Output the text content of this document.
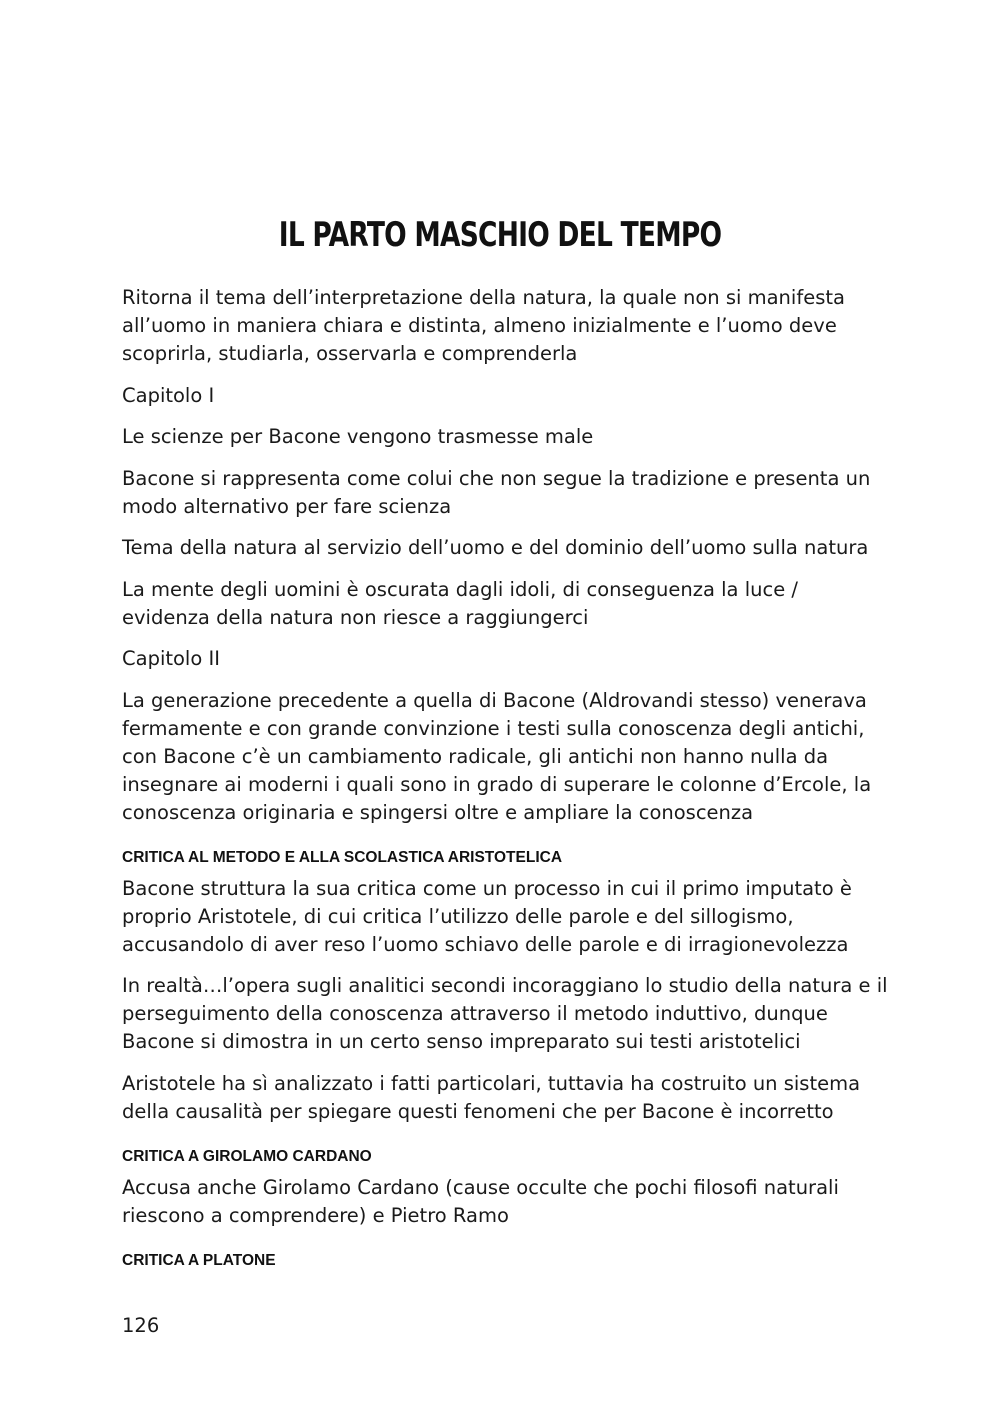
IL PARTO MASCHIO DEL TEMPO

Ritorna il tema dell’interpretazione della natura, la quale non si manifesta all’uomo in maniera chiara e distinta, almeno inizialmente e l’uomo deve scoprirla, studiarla, osservarla e comprenderla

Capitolo I

Le scienze per Bacone vengono trasmesse male

Bacone si rappresenta come colui che non segue la tradizione e presenta un modo alternativo per fare scienza

Tema della natura al servizio dell’uomo e del dominio dell’uomo sulla natura

La mente degli uomini è oscurata dagli idoli, di conseguenza la luce / evidenza della natura non riesce a raggiungerci

Capitolo II

La generazione precedente a quella di Bacone (Aldrovandi stesso) venerava fermamente e con grande convinzione i testi sulla conoscenza degli antichi, con Bacone c’è un cambiamento radicale, gli antichi non hanno nulla da insegnare ai moderni i quali sono in grado di superare le colonne d’Ercole, la conoscenza originaria e spingersi oltre e ampliare la conoscenza

CRITICA AL METODO E ALLA SCOLASTICA ARISTOTELICA

Bacone struttura la sua critica come un processo in cui il primo imputato è proprio Aristotele, di cui critica l’utilizzo delle parole e del sillogismo, accusandolo di aver reso l’uomo schiavo delle parole e di irragionevolezza

In realtà…l’opera sugli analitici secondi incoraggiano lo studio della natura e il perseguimento della conoscenza attraverso il metodo induttivo, dunque Bacone si dimostra in un certo senso impreparato sui testi aristotelici

Aristotele ha sì analizzato i fatti particolari, tuttavia ha costruito un sistema della causalità per spiegare questi fenomeni che per Bacone è incorretto

CRITICA A GIROLAMO CARDANO

Accusa anche Girolamo Cardano (cause occulte che pochi filosofi naturali riescono a comprendere) e Pietro Ramo

CRITICA A PLATONE
126
